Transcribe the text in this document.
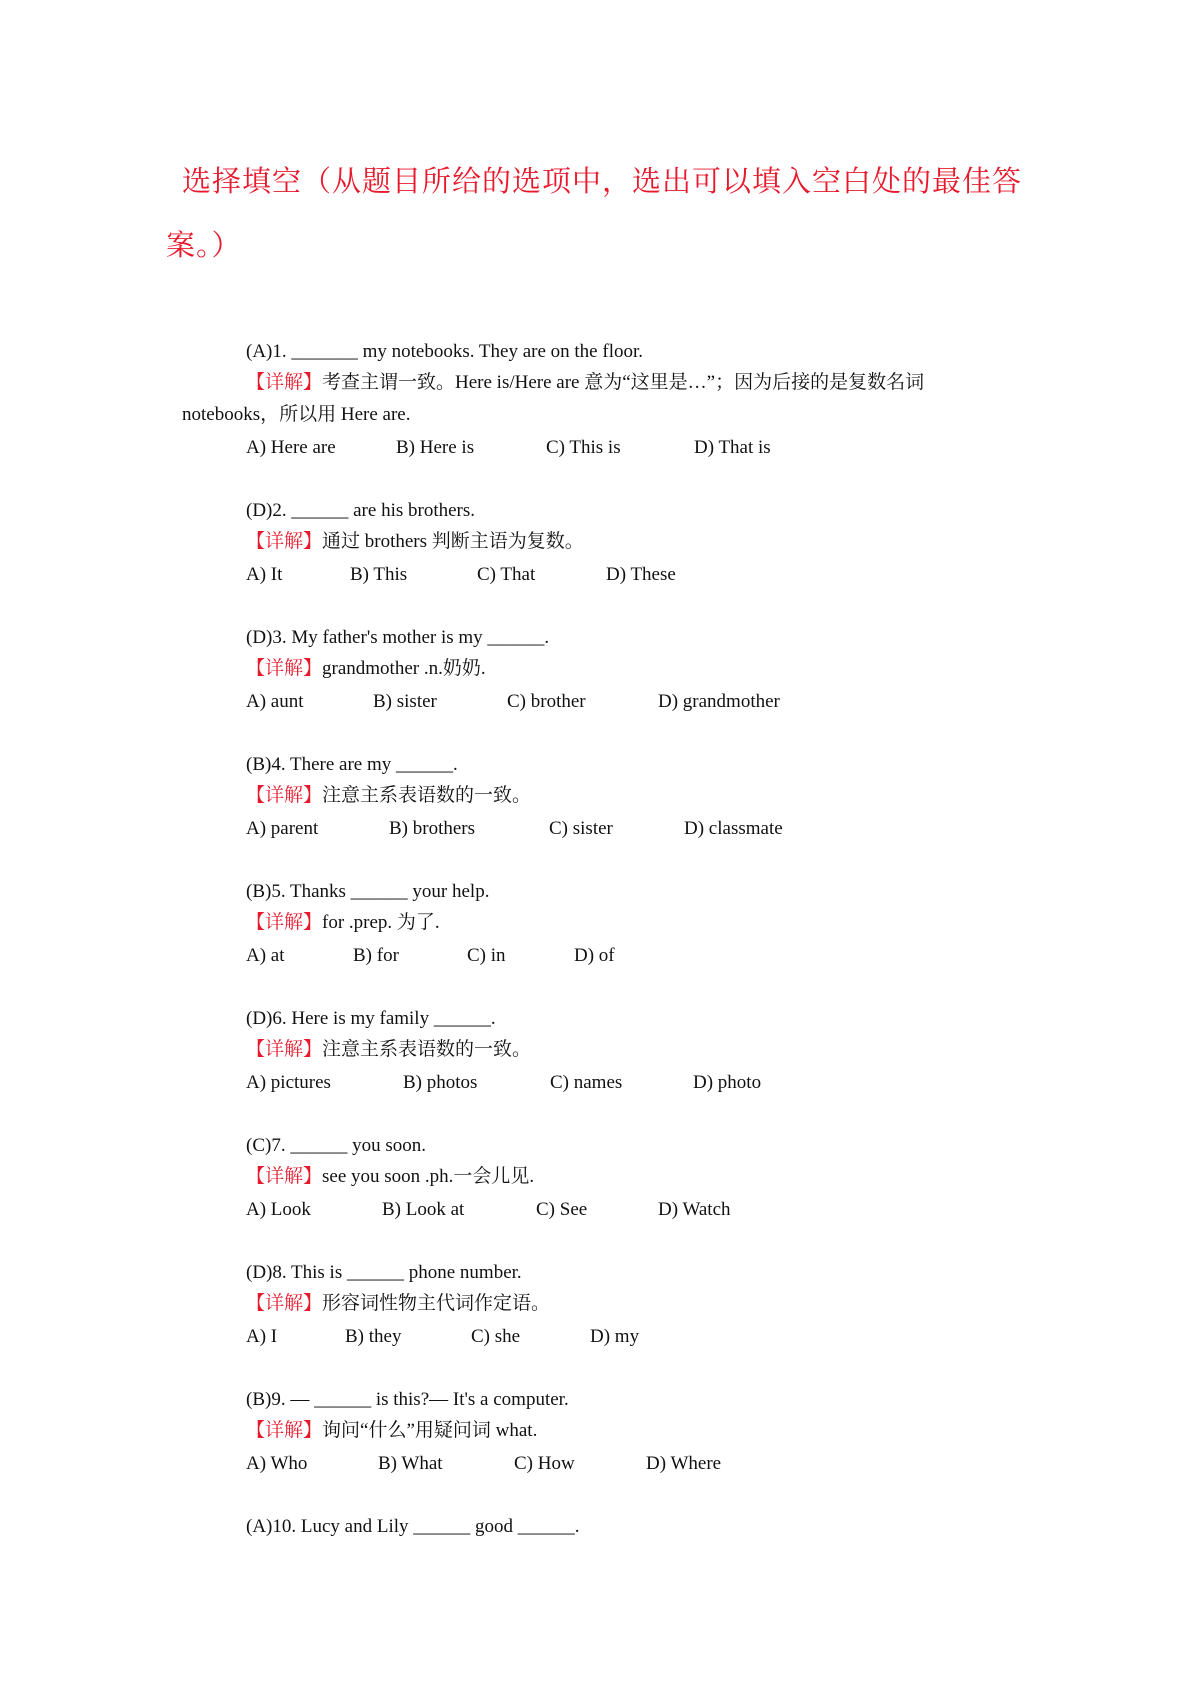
选择填空（从题目所给的选项中，选出可以填入空白处的最佳答
案。）
(A)1. _______ my notebooks. They are on the floor.
【详解】考查主谓一致。Here is/Here are 意为“这里是…”；因为后接的是复数名词
notebooks，所以用 Here are.
A) Here are	B) Here is	C) This is	D) That is
(D)2. ______ are his brothers.
【详解】通过 brothers 判断主语为复数。
A) It	B) This	C) That	D) These
(D)3. My father's mother is my ______.
【详解】grandmother .n.奶奶.
A) aunt	B) sister	C) brother	D) grandmother
(B)4. There are my ______.
【详解】注意主系表语数的一致。
A) parent	B) brothers	C) sister	D) classmate
(B)5. Thanks ______ your help.
【详解】for .prep. 为了.
A) at	B) for	C) in	D) of
(D)6. Here is my family ______.
【详解】注意主系表语数的一致。
A) pictures	B) photos	C) names	D) photo
(C)7. ______ you soon.
【详解】see you soon .ph.一会儿见.
A) Look	B) Look at	C) See	D) Watch
(D)8. This is ______ phone number.
【详解】形容词性物主代词作定语。
A) I	B) they	C) she	D) my
(B)9. — ______ is this?— It's a computer.
【详解】询问“什么”用疑问词 what.
A) Who	B) What	C) How	D) Where
(A)10. Lucy and Lily ______ good ______.
